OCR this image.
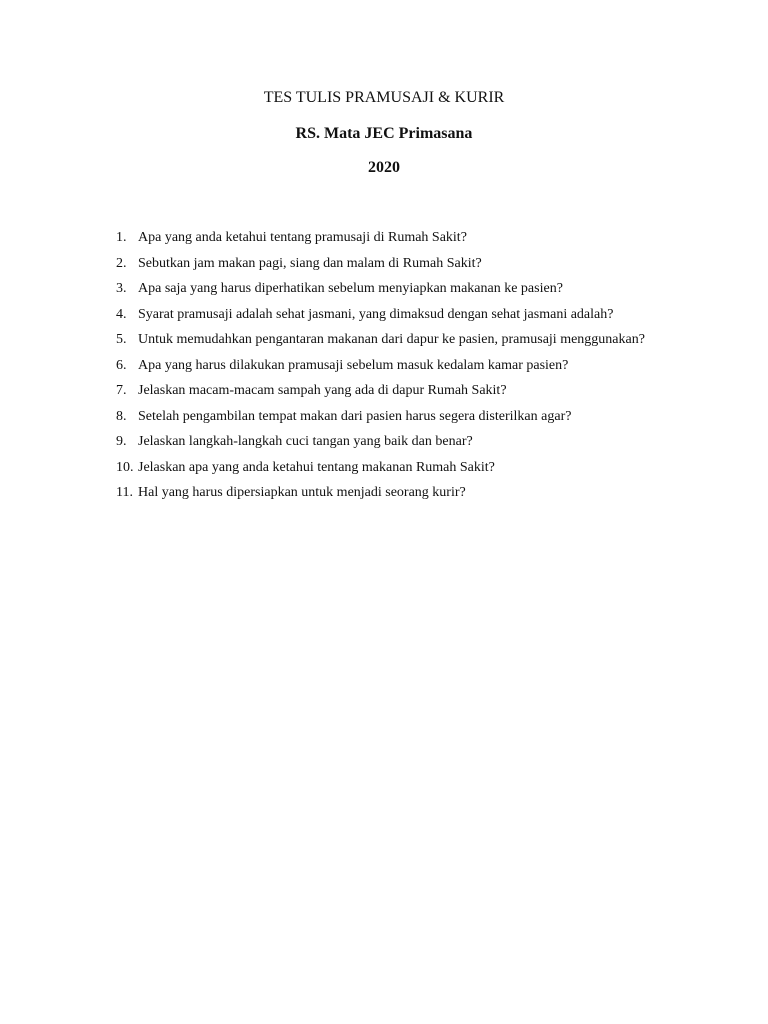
TES TULIS PRAMUSAJI & KURIR
RS. Mata JEC Primasana
2020
1. Apa yang anda ketahui tentang pramusaji di Rumah Sakit?
2. Sebutkan jam makan pagi, siang dan malam di Rumah Sakit?
3. Apa saja yang harus diperhatikan sebelum menyiapkan makanan ke pasien?
4. Syarat pramusaji adalah sehat jasmani, yang dimaksud dengan sehat jasmani adalah?
5. Untuk memudahkan pengantaran makanan dari dapur ke pasien, pramusaji menggunakan?
6. Apa yang harus dilakukan pramusaji sebelum masuk kedalam kamar pasien?
7. Jelaskan macam-macam sampah yang ada di dapur Rumah Sakit?
8. Setelah pengambilan tempat makan dari pasien harus segera disterilkan agar?
9. Jelaskan langkah-langkah cuci tangan yang baik dan benar?
10. Jelaskan apa yang anda ketahui tentang makanan Rumah Sakit?
11. Hal yang harus dipersiapkan untuk menjadi seorang kurir?
